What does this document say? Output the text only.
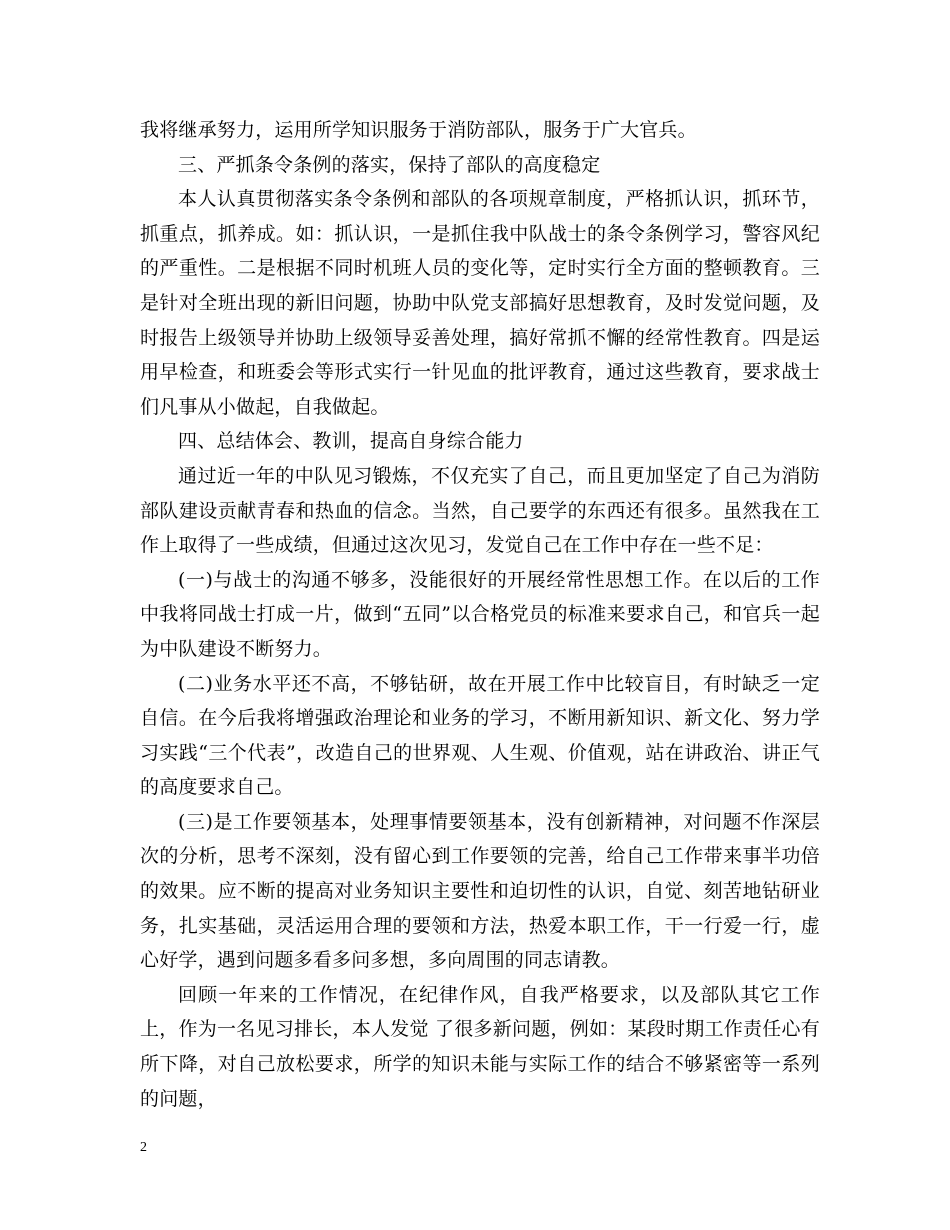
我将继承努力，运用所学知识服务于消防部队，服务于广大官兵。

三、严抓条令条例的落实，保持了部队的高度稳定

本人认真贯彻落实条令条例和部队的各项规章制度，严格抓认识，抓环节，抓重点，抓养成。如：抓认识，一是抓住我中队战士的条令条例学习，警容风纪的严重性。二是根据不同时机班人员的变化等，定时实行全方面的整顿教育。三是针对全班出现的新旧问题，协助中队党支部搞好思想教育，及时发觉问题，及时报告上级领导并协助上级领导妥善处理，搞好常抓不懈的经常性教育。四是运用早检查，和班委会等形式实行一针见血的批评教育，通过这些教育，要求战士们凡事从小做起，自我做起。

四、总结体会、教训，提高自身综合能力

通过近一年的中队见习锻炼，不仅充实了自己，而且更加坚定了自己为消防部队建设贡献青春和热血的信念。当然，自己要学的东西还有很多。虽然我在工作上取得了一些成绩，但通过这次见习，发觉自己在工作中存在一些不足：

(一)与战士的沟通不够多，没能很好的开展经常性思想工作。在以后的工作中我将同战士打成一片，做到“五同”以合格党员的标准来要求自己，和官兵一起为中队建设不断努力。

(二)业务水平还不高，不够钻研，故在开展工作中比较盲目，有时缺乏一定自信。在今后我将增强政治理论和业务的学习，不断用新知识、新文化、努力学习实践“三个代表”，改造自己的世界观、人生观、价值观，站在讲政治、讲正气的高度要求自己。

(三)是工作要领基本，处理事情要领基本，没有创新精神，对问题不作深层次的分析，思考不深刻，没有留心到工作要领的完善，给自己工作带来事半功倍的效果。应不断的提高对业务知识主要性和迫切性的认识，自觉、刻苦地钻研业务，扎实基础，灵活运用合理的要领和方法，热爱本职工作，干一行爱一行，虚心好学，遇到问题多看多问多想，多向周围的同志请教。

回顾一年来的工作情况，在纪律作风，自我严格要求，以及部队其它工作上，作为一名见习排长，本人发觉 了很多新问题，例如：某段时期工作责任心有所下降，对自己放松要求，所学的知识未能与实际工作的结合不够紧密等一系列的问题，

2
